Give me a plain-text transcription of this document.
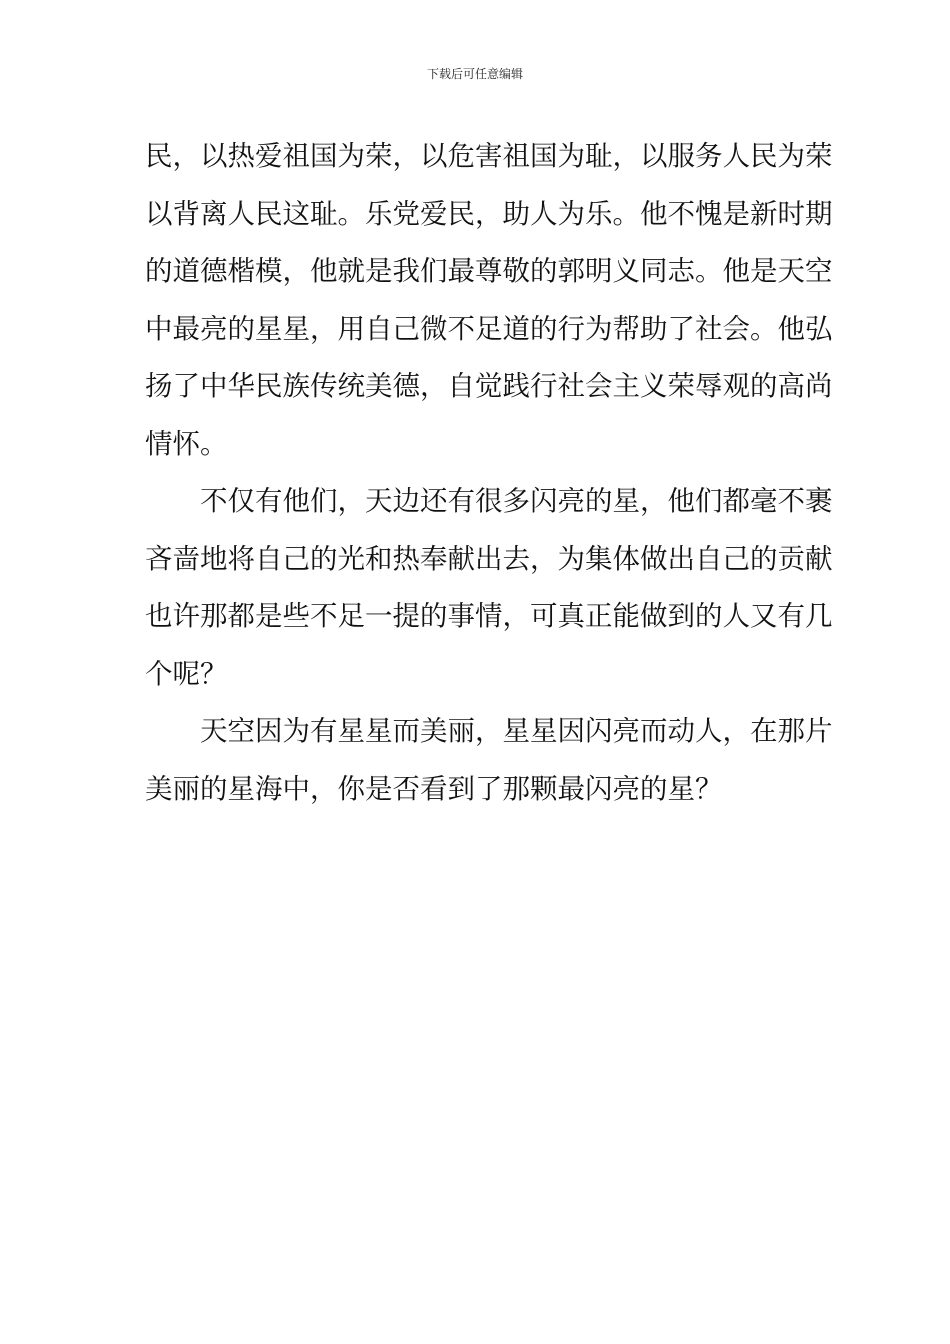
下载后可任意编辑
民，以热爱祖国为荣，以危害祖国为耻，以服务人民为荣
以背离人民这耻。乐党爱民，助人为乐。他不愧是新时期
的道德楷模，他就是我们最尊敬的郭明义同志。他是天空
中最亮的星星，用自己微不足道的行为帮助了社会。他弘
扬了中华民族传统美德，自觉践行社会主义荣辱观的高尚
情怀。
　　不仅有他们，天边还有很多闪亮的星，他们都毫不裹
吝啬地将自己的光和热奉献出去，为集体做出自己的贡献
也许那都是些不足一提的事情，可真正能做到的人又有几
个呢？
　　天空因为有星星而美丽，星星因闪亮而动人，在那片
美丽的星海中，你是否看到了那颗最闪亮的星？
